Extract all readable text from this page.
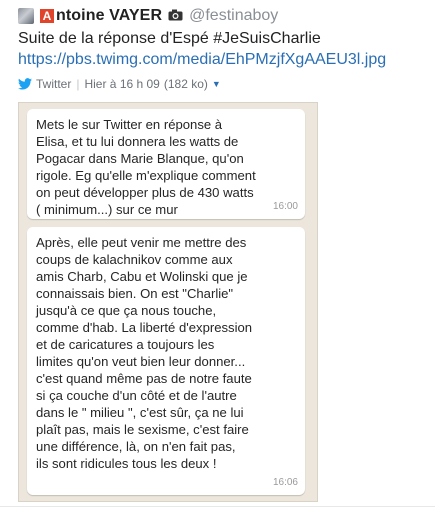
A ntoine VAYER @festinaboy
Suite de la réponse d'Espé #JeSuisCharlie
https://pbs.twimg.com/media/EhPMzjfXgAAEU3l.jpg
Twitter | Hier à 16 h 09 (182 ko) ▼
Mets le sur Twitter en réponse à
Elisa, et tu lui donnera les watts de
Pogacar dans Marie Blanque, qu'on
rigole. Eg qu'elle m'explique comment
on peut développer plus de 430 watts
( minimum...) sur ce mur	16:00
Après, elle peut venir me mettre des
coups de kalachnikov comme aux
amis Charb, Cabu et Wolinski que je
connaissais bien. On est "Charlie"
jusqu'à ce que ça nous touche,
comme d'hab. La liberté d'expression
et de caricatures a toujours les
limites qu'on veut bien leur donner...
c'est quand même pas de notre faute
si ça couche d'un côté et de l'autre
dans le " milieu ", c'est sûr, ça ne lui
plaît pas, mais le sexisme, c'est faire
une différence, là, on n'en fait pas,
ils sont ridicules tous les deux !
16:06
